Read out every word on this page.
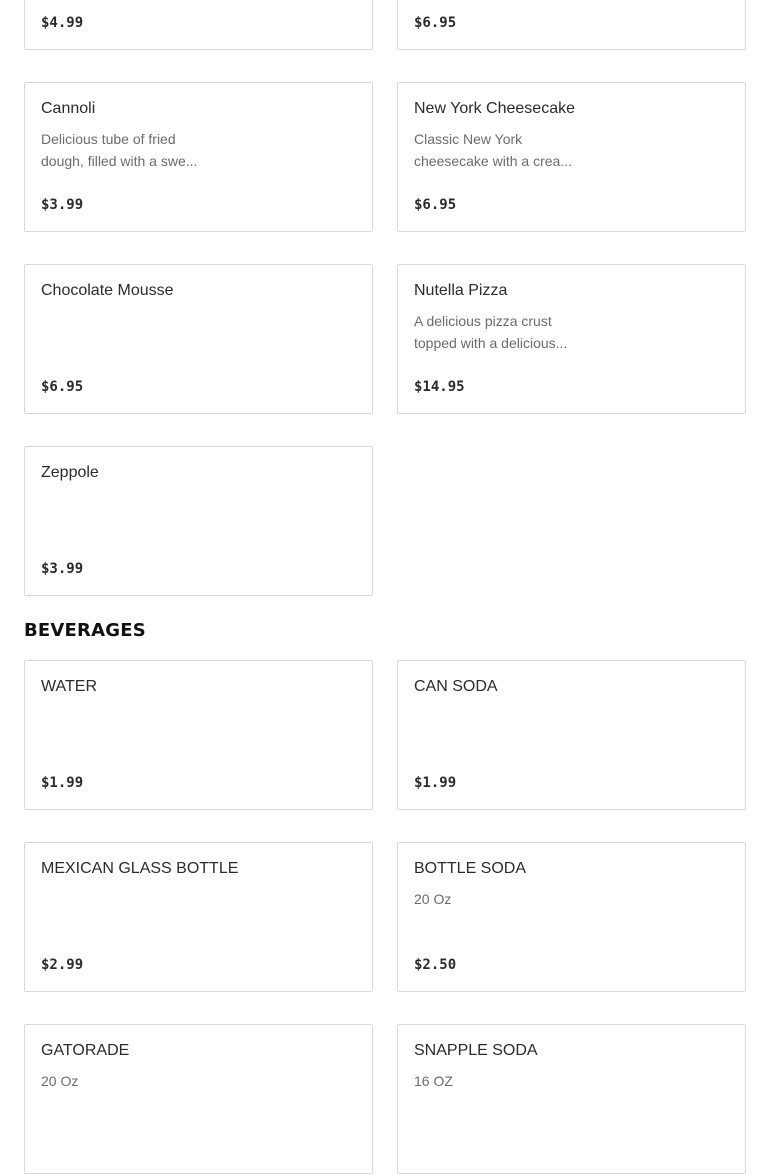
$4.99	$6.95
Cannoli
Delicious tube of fried dough, filled with a swe...
$3.99
New York Cheesecake
Classic New York cheesecake with a crea...
$6.95
Chocolate Mousse
$6.95
Nutella Pizza
A delicious pizza crust topped with a delicious...
$14.95
Zeppole
$3.99
BEVERAGES
WATER
$1.99
CAN SODA
$1.99
MEXICAN GLASS BOTTLE
$2.99
BOTTLE SODA
20 Oz
$2.50
GATORADE
20 Oz
SNAPPLE SODA
16 OZ
